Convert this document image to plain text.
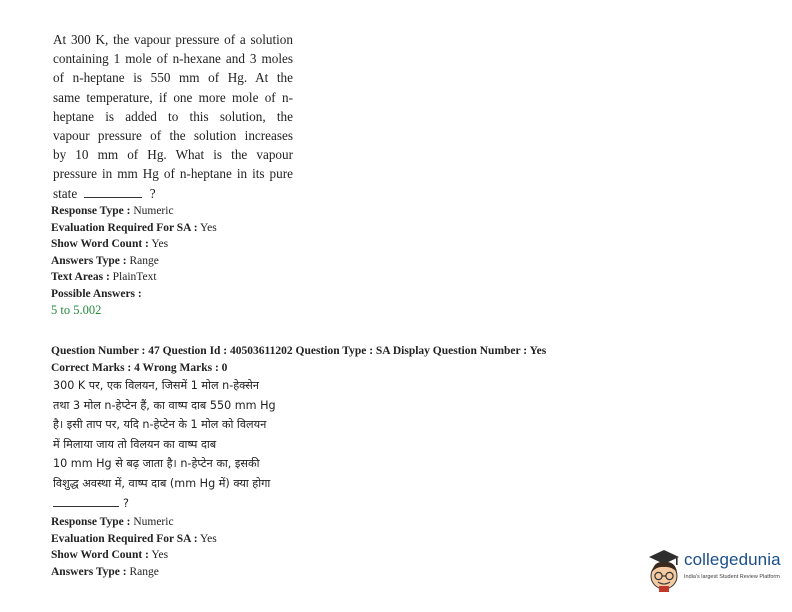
At 300 K, the vapour pressure of a solution
containing 1 mole of n-hexane and 3 moles
of n-heptane is 550 mm of Hg. At the
same temperature, if one more mole of n-
heptane is added to this solution, the
vapour pressure of the solution increases
by 10 mm of Hg. What is the vapour
pressure in mm Hg of n-heptane in its pure
state	?
Response Type : Numeric
Evaluation Required For SA : Yes
Show Word Count : Yes
Answers Type : Range
Text Areas : PlainText
Possible Answers :
5 to 5.002
Question Number : 47 Question Id : 40503611202 Question Type : SA Display Question Number : Yes
Correct Marks : 4 Wrong Marks : 0
300 K पर, एक विलयन, जिसमें 1 मोल n-हेक्सेन
तथा 3 मोल n-हेप्टेन हैं, का वाष्प दाब 550 mm Hg
है। इसी ताप पर, यदि n-हेप्टेन के 1 मोल को विलयन
में मिलाया जाय तो विलयन का वाष्प दाब
10 mm Hg से बढ़ जाता है। n-हेप्टेन का, इसकी
विशुद्ध अवस्था में, वाष्प दाब (mm Hg में) क्या होगा
?
Response Type : Numeric
Evaluation Required For SA : Yes
Show Word Count : Yes
Answers Type : Range
collegedunia
India's largest Student Review Platform
